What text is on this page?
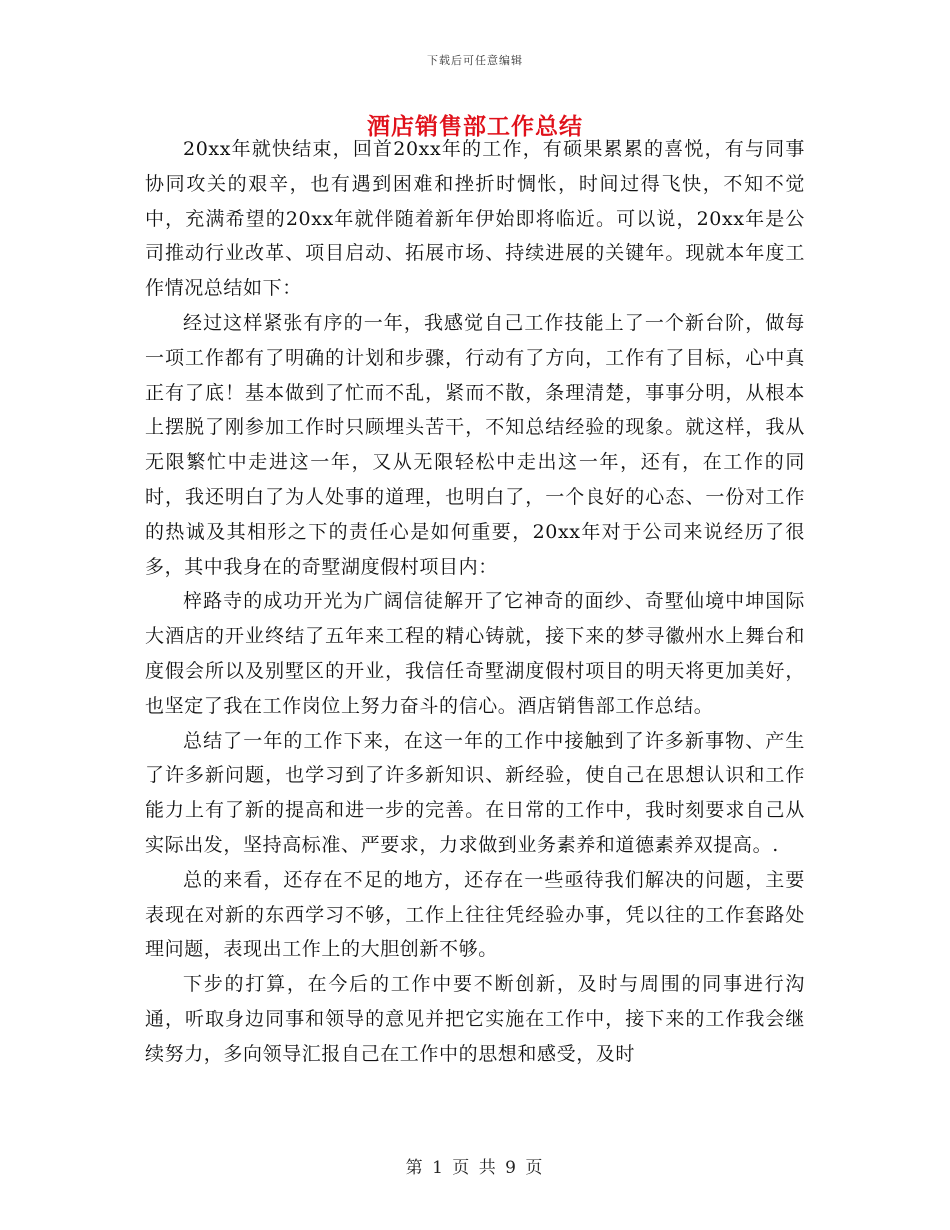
下载后可任意编辑
酒店销售部工作总结

20xx年就快结束，回首20xx年的工作，有硕果累累的喜悦，有与同事协同攻关的艰辛，也有遇到困难和挫折时惆怅，时间过得飞快，不知不觉中，充满希望的20xx年就伴随着新年伊始即将临近。可以说，20xx年是公司推动行业改革、项目启动、拓展市场、持续进展的关键年。现就本年度工作情况总结如下：

经过这样紧张有序的一年，我感觉自己工作技能上了一个新台阶，做每一项工作都有了明确的计划和步骤，行动有了方向，工作有了目标，心中真正有了底！基本做到了忙而不乱，紧而不散，条理清楚，事事分明，从根本上摆脱了刚参加工作时只顾埋头苦干，不知总结经验的现象。就这样，我从无限繁忙中走进这一年，又从无限轻松中走出这一年，还有，在工作的同时，我还明白了为人处事的道理，也明白了，一个良好的心态、一份对工作的热诚及其相形之下的责任心是如何重要，20xx年对于公司来说经历了很多，其中我身在的奇墅湖度假村项目内：

梓路寺的成功开光为广阔信徒解开了它神奇的面纱、奇墅仙境中坤国际大酒店的开业终结了五年来工程的精心铸就，接下来的梦寻徽州水上舞台和度假会所以及别墅区的开业，我信任奇墅湖度假村项目的明天将更加美好，也坚定了我在工作岗位上努力奋斗的信心。酒店销售部工作总结。

总结了一年的工作下来，在这一年的工作中接触到了许多新事物、产生了许多新问题，也学习到了许多新知识、新经验，使自己在思想认识和工作能力上有了新的提高和进一步的完善。在日常的工作中，我时刻要求自己从实际出发，坚持高标准、严要求，力求做到业务素养和道德素养双提高。.

总的来看，还存在不足的地方，还存在一些亟待我们解决的问题，主要表现在对新的东西学习不够，工作上往往凭经验办事，凭以往的工作套路处理问题，表现出工作上的大胆创新不够。

下步的打算，在今后的工作中要不断创新，及时与周围的同事进行沟通，听取身边同事和领导的意见并把它实施在工作中，接下来的工作我会继续努力，多向领导汇报自己在工作中的思想和感受，及时

第 1 页 共 9 页
